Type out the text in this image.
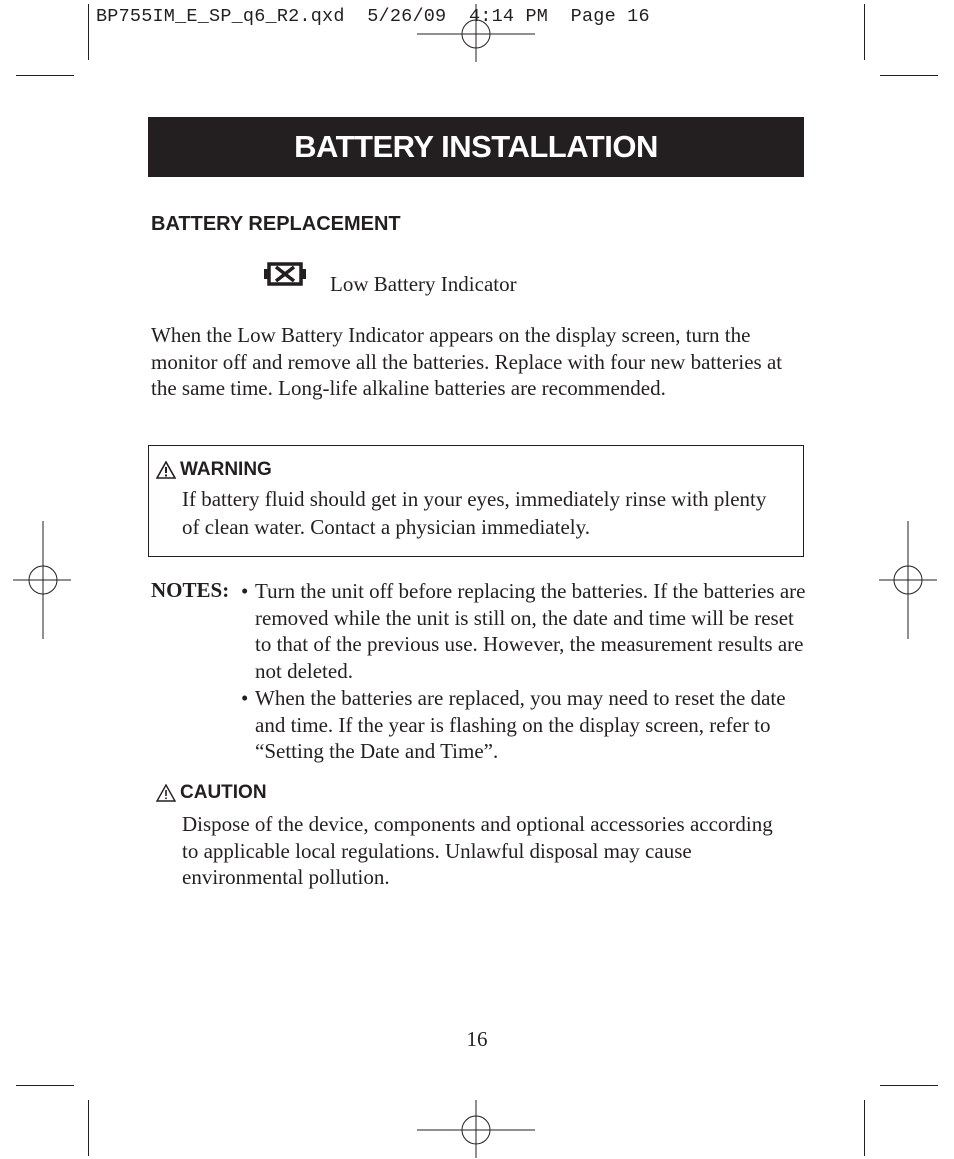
BP755IM_E_SP_q6_R2.qxd  5/26/09  4:14 PM  Page 16
BATTERY INSTALLATION
BATTERY REPLACEMENT
Low Battery Indicator
When the Low Battery Indicator appears on the display screen, turn the monitor off and remove all the batteries. Replace with four new batteries at the same time. Long-life alkaline batteries are recommended.
WARNING
If battery fluid should get in your eyes, immediately rinse with plenty of clean water. Contact a physician immediately.
NOTES: • Turn the unit off before replacing the batteries. If the batteries are removed while the unit is still on, the date and time will be reset to that of the previous use. However, the measurement results are not deleted.
• When the batteries are replaced, you may need to reset the date and time. If the year is flashing on the display screen, refer to “Setting the Date and Time”.
CAUTION
Dispose of the device, components and optional accessories according to applicable local regulations. Unlawful disposal may cause environmental pollution.
16
